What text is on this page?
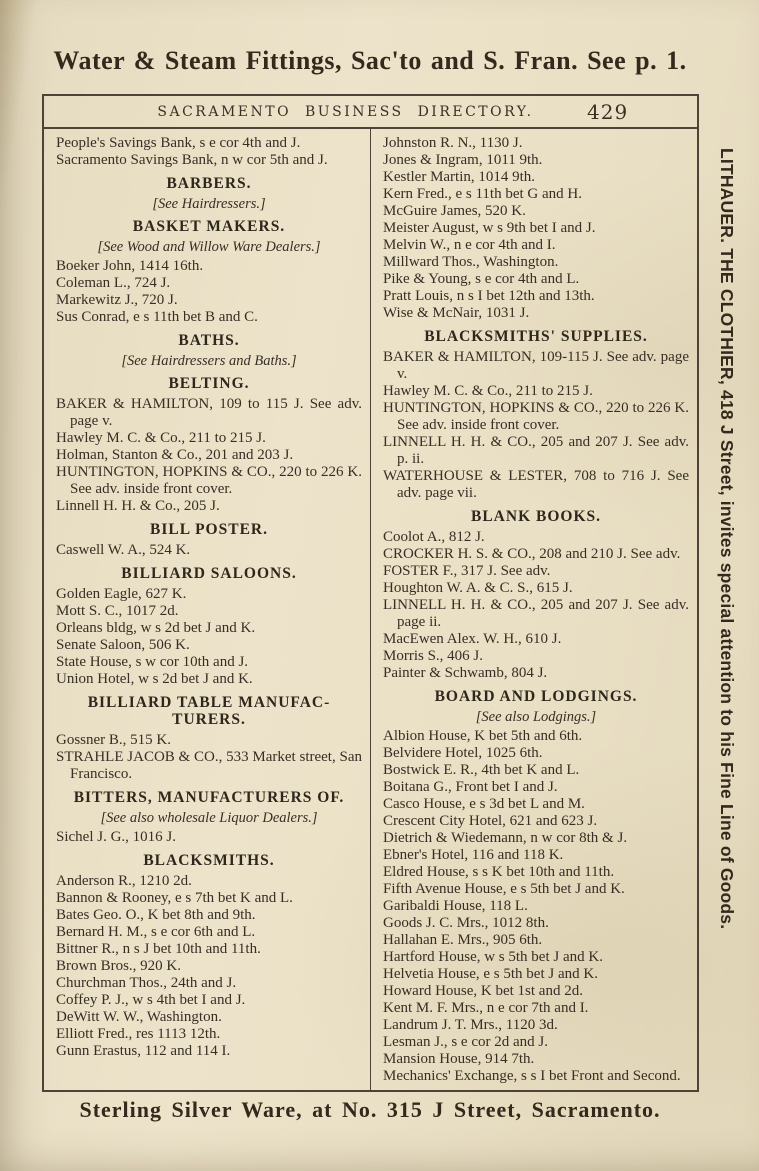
Water & Steam Fittings, Sac'to and S. Fran. See p. 1.
SACRAMENTO BUSINESS DIRECTORY.	429
People's Savings Bank, s e cor 4th and J.
Sacramento Savings Bank, n w cor 5th and J.
BARBERS.
[See Hairdressers.]
BASKET MAKERS.
[See Wood and Willow Ware Dealers.]
Boeker John, 1414 16th.
Coleman L., 724 J.
Markewitz J., 720 J.
Sus Conrad, e s 11th bet B and C.
BATHS.
[See Hairdressers and Baths.]
BELTING.
BAKER & HAMILTON, 109 to 115 J. See adv. page v.
Hawley M. C. & Co., 211 to 215 J.
Holman, Stanton & Co., 201 and 203 J.
HUNTINGTON, HOPKINS & CO., 220 to 226 K. See adv. inside front cover.
Linnell H. H. & Co., 205 J.
BILL POSTER.
Caswell W. A., 524 K.
BILLIARD SALOONS.
Golden Eagle, 627 K.
Mott S. C., 1017 2d.
Orleans bldg, w s 2d bet J and K.
Senate Saloon, 506 K.
State House, s w cor 10th and J.
Union Hotel, w s 2d bet J and K.
BILLIARD TABLE MANUFAC-TURERS.
Gossner B., 515 K.
STRAHLE JACOB & CO., 533 Market street, San Francisco.
BITTERS, MANUFACTURERS OF.
[See also wholesale Liquor Dealers.]
Sichel J. G., 1016 J.
BLACKSMITHS.
Anderson R., 1210 2d.
Bannon & Rooney, e s 7th bet K and L.
Bates Geo. O., K bet 8th and 9th.
Bernard H. M., s e cor 6th and L.
Bittner R., n s J bet 10th and 11th.
Brown Bros., 920 K.
Churchman Thos., 24th and J.
Coffey P. J., w s 4th bet I and J.
DeWitt W. W., Washington.
Elliott Fred., res 1113 12th.
Gunn Erastus, 112 and 114 I.
Johnston R. N., 1130 J.
Jones & Ingram, 1011 9th.
Kestler Martin, 1014 9th.
Kern Fred., e s 11th bet G and H.
McGuire James, 520 K.
Meister August, w s 9th bet I and J.
Melvin W., n e cor 4th and I.
Millward Thos., Washington.
Pike & Young, s e cor 4th and L.
Pratt Louis, n s I bet 12th and 13th.
Wise & McNair, 1031 J.
BLACKSMITHS' SUPPLIES.
BAKER & HAMILTON, 109-115 J. See adv. page v.
Hawley M. C. & Co., 211 to 215 J.
HUNTINGTON, HOPKINS & CO., 220 to 226 K. See adv. inside front cover.
LINNELL H. H. & CO., 205 and 207 J. See adv. p. ii.
WATERHOUSE & LESTER, 708 to 716 J. See adv. page vii.
BLANK BOOKS.
Coolot A., 812 J.
CROCKER H. S. & CO., 208 and 210 J. See adv.
FOSTER F., 317 J. See adv.
Houghton W. A. & C. S., 615 J.
LINNELL H. H. & CO., 205 and 207 J. See adv. page ii.
MacEwen Alex. W. H., 610 J.
Morris S., 406 J.
Painter & Schwamb, 804 J.
BOARD AND LODGINGS.
[See also Lodgings.]
Albion House, K bet 5th and 6th.
Belvidere Hotel, 1025 6th.
Bostwick E. R., 4th bet K and L.
Boitana G., Front bet I and J.
Casco House, e s 3d bet L and M.
Crescent City Hotel, 621 and 623 J.
Dietrich & Wiedemann, n w cor 8th & J.
Ebner's Hotel, 116 and 118 K.
Eldred House, s s K bet 10th and 11th.
Fifth Avenue House, e s 5th bet J and K.
Garibaldi House, 118 L.
Goods J. C. Mrs., 1012 8th.
Hallahan E. Mrs., 905 6th.
Hartford House, w s 5th bet J and K.
Helvetia House, e s 5th bet J and K.
Howard House, K bet 1st and 2d.
Kent M. F. Mrs., n e cor 7th and I.
Landrum J. T. Mrs., 1120 3d.
Lesman J., s e cor 2d and J.
Mansion House, 914 7th.
Mechanics' Exchange, s s I bet Front and Second.
LITHAUER. THE CLOTHIER, 418 J Street, invites special attention to his Fine Line of Goods.
Sterling Silver Ware, at No. 315 J Street, Sacramento.
